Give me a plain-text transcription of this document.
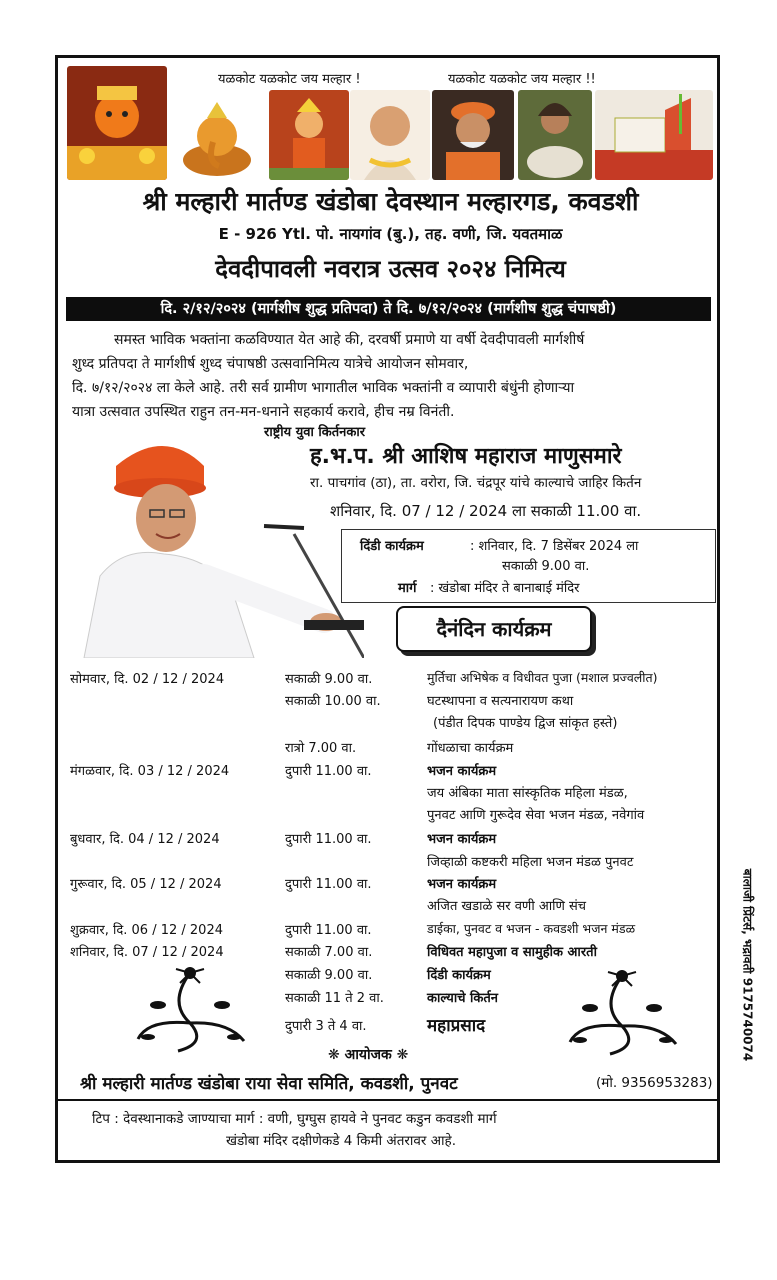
यळकोट यळकोट जय मल्हार !	यळकोट यळकोट जय मल्हार !!
श्री मल्हारी मार्तण्ड खंडोबा देवस्थान मल्हारगड, कवडशी
E - 926 Ytl. पो. नायगांव (बु.), तह. वणी, जि. यवतमाळ
देवदीपावली नवरात्र उत्सव २०२४ निमित्य
दि. २/१२/२०२४ (मार्गशीष शुद्ध प्रतिपदा) ते दि. ७/१२/२०२४ (मार्गशीष शुद्ध चंपाषष्ठी)
समस्त भाविक भक्तांना कळविण्यात येत आहे की, दरवर्षी प्रमाणे या वर्षी देवदीपावली मार्गशीर्ष
शुध्द प्रतिपदा ते मार्गशीर्ष शुध्द चंपाषष्ठी उत्सवानिमित्य यात्रेचे आयोजन सोमवार,
दि. ७/१२/२०२४ ला केले आहे. तरी सर्व ग्रामीण भागातील भाविक भक्तांनी व व्यापारी बंधुंनी होणाऱ्या
यात्रा उत्सवात उपस्थित राहुन तन-मन-धनाने सहकार्य करावे, हीच नम्र विनंती.
राष्ट्रीय युवा किर्तनकार
ह.भ.प. श्री आशिष महाराज माणुसमारे
रा. पाचगांव (ठा), ता. वरोरा, जि. चंद्रपूर यांचे काल्याचे जाहिर किर्तन
शनिवार, दि. 07 / 12 / 2024 ला सकाळी 11.00 वा.
दिंडी कार्यक्रम	: शनिवार, दि. 7 डिसेंबर 2024 ला
सकाळी 9.00 वा.
मार्ग : खंडोबा मंदिर ते बानाबाई मंदिर
दैनंदिन कार्यक्रम
सोमवार, दि. 02 / 12 / 2024	सकाळी 9.00 वा.	मुर्तिचा अभिषेक व विधीवत पुजा (मशाल प्रज्वलीत)
सकाळी 10.00 वा.	घटस्थापना व सत्यनारायण कथा
(पंडीत दिपक पाण्डेय द्विज सांकृत हस्ते)
रात्रो 7.00 वा.	गोंधळाचा कार्यक्रम
मंगळवार, दि. 03 / 12 / 2024	दुपारी 11.00 वा.	भजन कार्यक्रम
जय अंबिका माता सांस्कृतिक महिला मंडळ,
पुनवट आणि गुरूदेव सेवा भजन मंडळ, नवेगांव
बुधवार, दि. 04 / 12 / 2024	दुपारी 11.00 वा.	भजन कार्यक्रम
जिव्हाळी कष्टकरी महिला भजन मंडळ पुनवट
गुरूवार, दि. 05 / 12 / 2024	दुपारी 11.00 वा.	भजन कार्यक्रम
अजित खडाळे सर वणी आणि संच
शुक्रवार, दि. 06 / 12 / 2024	दुपारी 11.00 वा.	डाईका, पुनवट व भजन - कवडशी भजन मंडळ
शनिवार, दि. 07 / 12 / 2024	सकाळी 7.00 वा.	विधिवत महापुजा व सामुहीक आरती
सकाळी 9.00 वा.	दिंडी कार्यक्रम
सकाळी 11 ते 2 वा.	काल्याचे किर्तन
दुपारी 3 ते 4 वा.	महाप्रसाद
❋ आयोजक ❋
श्री मल्हारी मार्तण्ड खंडोबा राया सेवा समिति, कवडशी, पुनवट	(मो. 9356953283)
टिप : देवस्थानाकडे जाण्याचा मार्ग : वणी, घुग्घुस हायवे ने पुनवट कडुन कवडशी मार्ग
खंडोबा मंदिर दक्षीणेकडे 4 किमी अंतरावर आहे.
बालाजी प्रिंटर्स, भद्रावती 9175740074
